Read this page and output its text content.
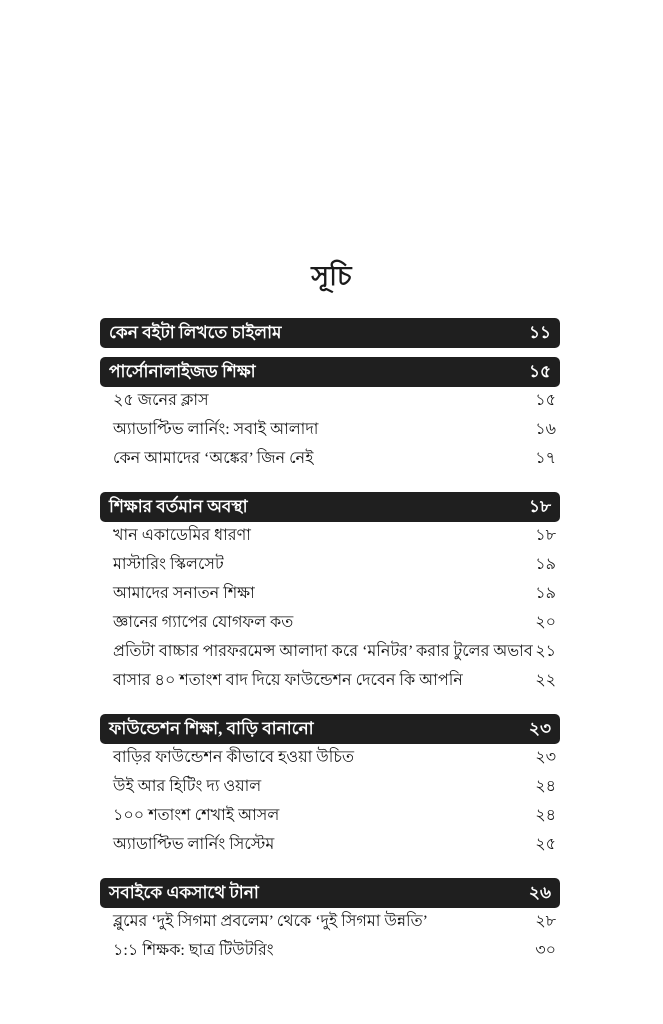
সূচি
কেন বইটা লিখতে চাইলাম	১১
পার্সোনালাইজড শিক্ষা	১৫
২৫ জনের ক্লাস	১৫
অ্যাডাপ্টিভ লার্নিং: সবাই আলাদা	১৬
কেন আমাদের ‘অঙ্কের’ জিন নেই	১৭
শিক্ষার বর্তমান অবস্থা	১৮
খান একাডেমির ধারণা	১৮
মাস্টারিং স্কিলসেট	১৯
আমাদের সনাতন শিক্ষা	১৯
জ্ঞানের গ্যাপের যোগফল কত	২০
প্রতিটা বাচ্চার পারফরমেন্স আলাদা করে ‘মনিটর’ করার টুলের অভাব ২১
বাসার ৪০ শতাংশ বাদ দিয়ে ফাউন্ডেশন দেবেন কি আপনি	২২
ফাউন্ডেশন শিক্ষা, বাড়ি বানানো	২৩
বাড়ির ফাউন্ডেশন কীভাবে হওয়া উচিত	২৩
উই আর হিটিং দ্য ওয়াল	২৪
১০০ শতাংশ শেখাই আসল	২৪
অ্যাডাপ্টিভ লার্নিং সিস্টেম	২৫
সবাইকে একসাথে টানা	২৬
ব্লুমের ‘দুই সিগমা প্রবলেম’ থেকে ‘দুই সিগমা উন্নতি’	২৮
১:১ শিক্ষক: ছাত্র টিউটরিং	৩০
